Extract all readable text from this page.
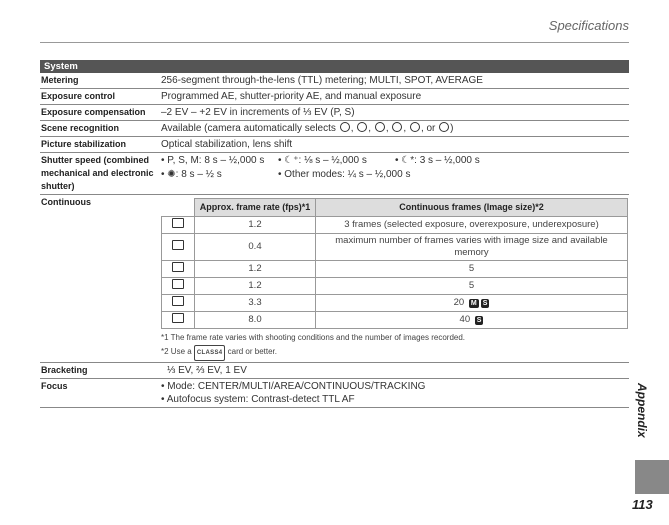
Specifications
System
Metering	256-segment through-the-lens (TTL) metering; MULTI, SPOT, AVERAGE
Exposure control	Programmed AE, shutter-priority AE, and manual exposure
Exposure compensation	–2 EV – +2 EV in increments of ⅓ EV (P, S)
Scene recognition	Available (camera automatically selects , , , , , or )
Picture stabilization	Optical stabilization, lens shift
Shutter speed (combined mechanical and electronic shutter)
• P, S, M: 8 s – ½,000 s	• ☾⁺: ⅛ s – ½,000 s	• ☾*: 3 s – ½,000 s
• ✺: 8 s – ½ s	• Other modes: ¼ s – ½,000 s
Continuous
		Approx. frame rate (fps)*1	Continuous frames (Image size)*2
	1.2	3 frames (selected exposure, overexposure, underexposure)
	0.4	maximum number of frames varies with image size and available memory
	1.2	5
	1.2	5
	3.3	20 M S
	8.0	40 S
*1 The frame rate varies with shooting conditions and the number of images recorded.
*2 Use a CLASS4 card or better.
Bracketing	⅓ EV, ⅔ EV, 1 EV
Focus	• Mode: CENTER/MULTI/AREA/CONTINUOUS/TRACKING
• Autofocus system: Contrast-detect TTL AF	Appendix
113
